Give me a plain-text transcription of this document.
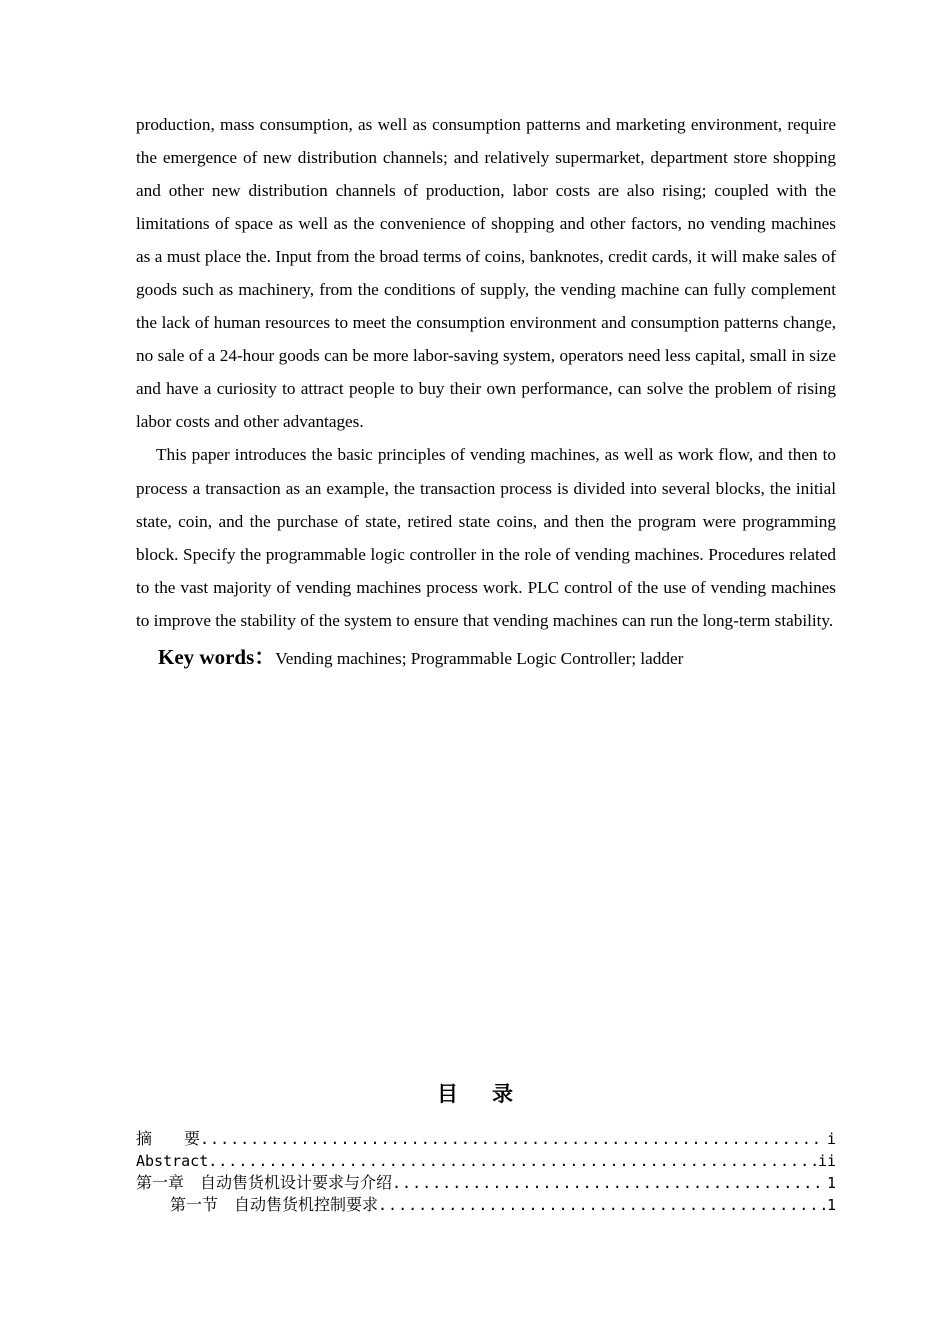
production, mass consumption, as well as consumption patterns and marketing environment, require the emergence of new distribution channels; and relatively supermarket, department store shopping and other new distribution channels of production, labor costs are also rising; coupled with the limitations of space as well as the convenience of shopping and other factors, no vending machines as a must place the. Input from the broad terms of coins, banknotes, credit cards, it will make sales of goods such as machinery, from the conditions of supply, the vending machine can fully complement the lack of human resources to meet the consumption environment and consumption patterns change, no sale of a 24-hour goods can be more labor-saving system, operators need less capital, small in size and have a curiosity to attract people to buy their own performance, can solve the problem of rising labor costs and other advantages.

This paper introduces the basic principles of vending machines, as well as work flow, and then to process a transaction as an example, the transaction process is divided into several blocks, the initial state, coin, and the purchase of state, retired state coins, and then the program were programming block. Specify the programmable logic controller in the role of vending machines. Procedures related to the vast majority of vending machines process work. PLC control of the use of vending machines to improve the stability of the system to ensure that vending machines can run the long-term stability.

Key words：Vending machines; Programmable Logic Controller; ladder

目 录
摘　　要 .....	i
Abstract .....	ii
第一章　自动售货机设计要求与介绍 .....	1
第一节　自动售货机控制要求 .....	1
